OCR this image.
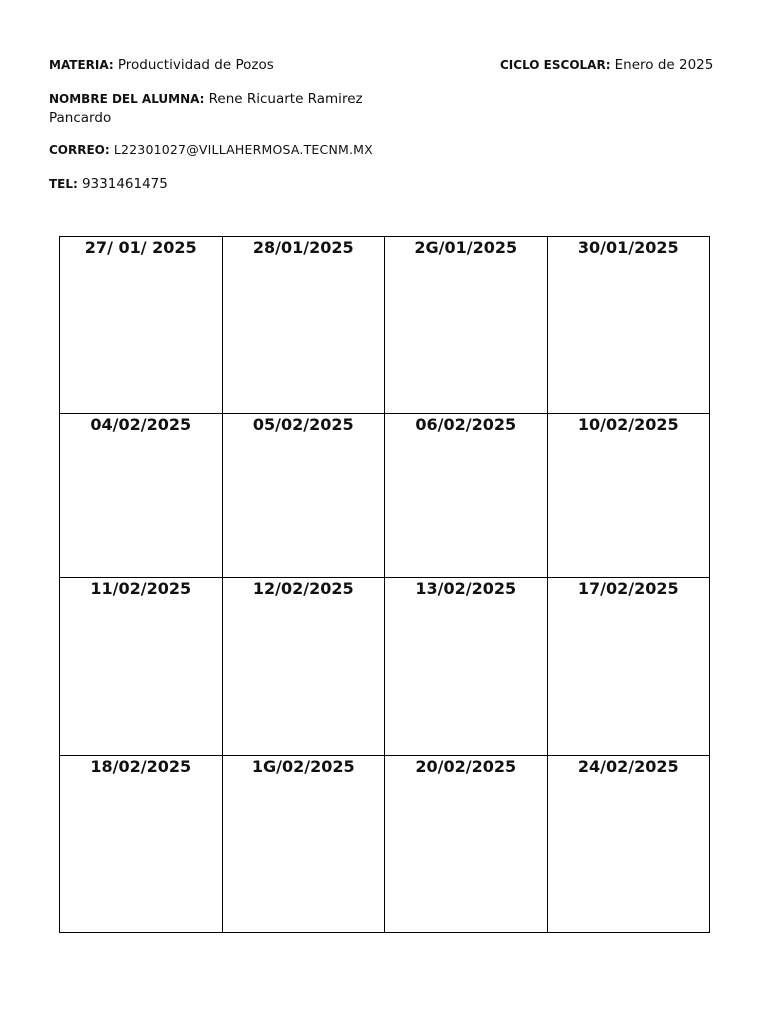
MATERIA: Productividad de Pozos	CICLO ESCOLAR: Enero de 2025
NOMBRE DEL ALUMNA: Rene Ricuarte Ramirez Pancardo
CORREO: L22301027@VILLAHERMOSA.TECNM.MX
TEL: 9331461475
27/ 01/ 2025	28/01/2025	2G/01/2025	30/01/2025

04/02/2025	05/02/2025	06/02/2025	10/02/2025

11/02/2025	12/02/2025	13/02/2025	17/02/2025

18/02/2025	1G/02/2025	20/02/2025	24/02/2025
